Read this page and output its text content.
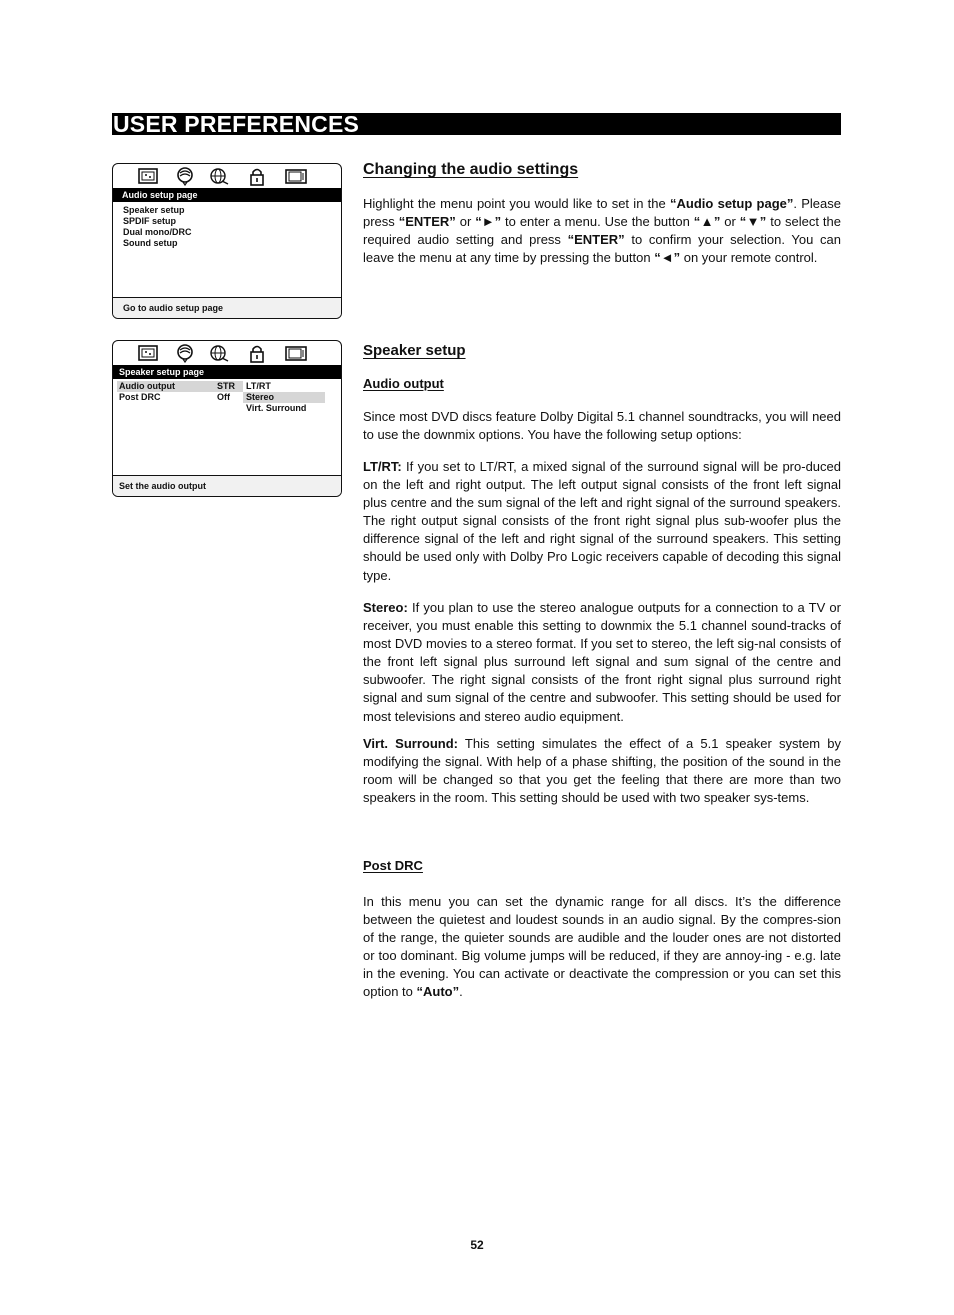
USER PREFERENCES
Audio setup page
Speaker setup
SPDIF setup
Dual mono/DRC
Sound setup
Go to audio setup page
Speaker setup page
Audio output	STR
Post DRC	Off
LT/RT
Stereo
Virt. Surround
Set the audio output
Changing the audio settings

Highlight the menu point you would like to set in the “Audio setup page”. Please press “ENTER” or “►” to enter a menu. Use the button “▲” or “▼” to select the required audio setting and press “ENTER” to confirm your selection. You can leave the menu at any time by pressing the button “◄” on your remote control.

Speaker setup
Audio output

Since most DVD discs feature Dolby Digital 5.1 channel soundtracks, you will need to use the downmix options. You have the following setup options:

LT/RT: If you set to LT/RT, a mixed signal of the surround signal will be pro-duced on the left and right output. The left output signal consists of the front left signal plus centre and the sum signal of the left and right signal of the surround speakers. The right output signal consists of the front right signal plus sub-woofer plus the difference signal of the left and right signal of the surround speakers. This setting should be used only with Dolby Pro Logic receivers capable of decoding this signal type.

Stereo: If you plan to use the stereo analogue outputs for a connection to a TV or receiver, you must enable this setting to downmix the 5.1 channel sound-tracks of most DVD movies to a stereo format. If you set to stereo, the left sig-nal consists of the front left signal plus surround left signal and sum signal of the centre and subwoofer. The right signal consists of the front right signal plus surround right signal and sum signal of the centre and subwoofer. This setting should be used for most televisions and stereo audio equipment.

Virt. Surround: This setting simulates the effect of a 5.1 speaker system by modifying the signal. With help of a phase shifting, the position of the sound in the room will be changed so that you get the feeling that there are more than two speakers in the room. This setting should be used with two speaker sys-tems.

Post DRC

In this menu you can set the dynamic range for all discs. It’s the difference between the quietest and loudest sounds in an audio signal. By the compres-sion of the range, the quieter sounds are audible and the louder ones are not distorted or too dominant. Big volume jumps will be reduced, if they are annoy-ing - e.g. late in the evening. You can activate or deactivate the compression or you can set this option to “Auto”.

52
